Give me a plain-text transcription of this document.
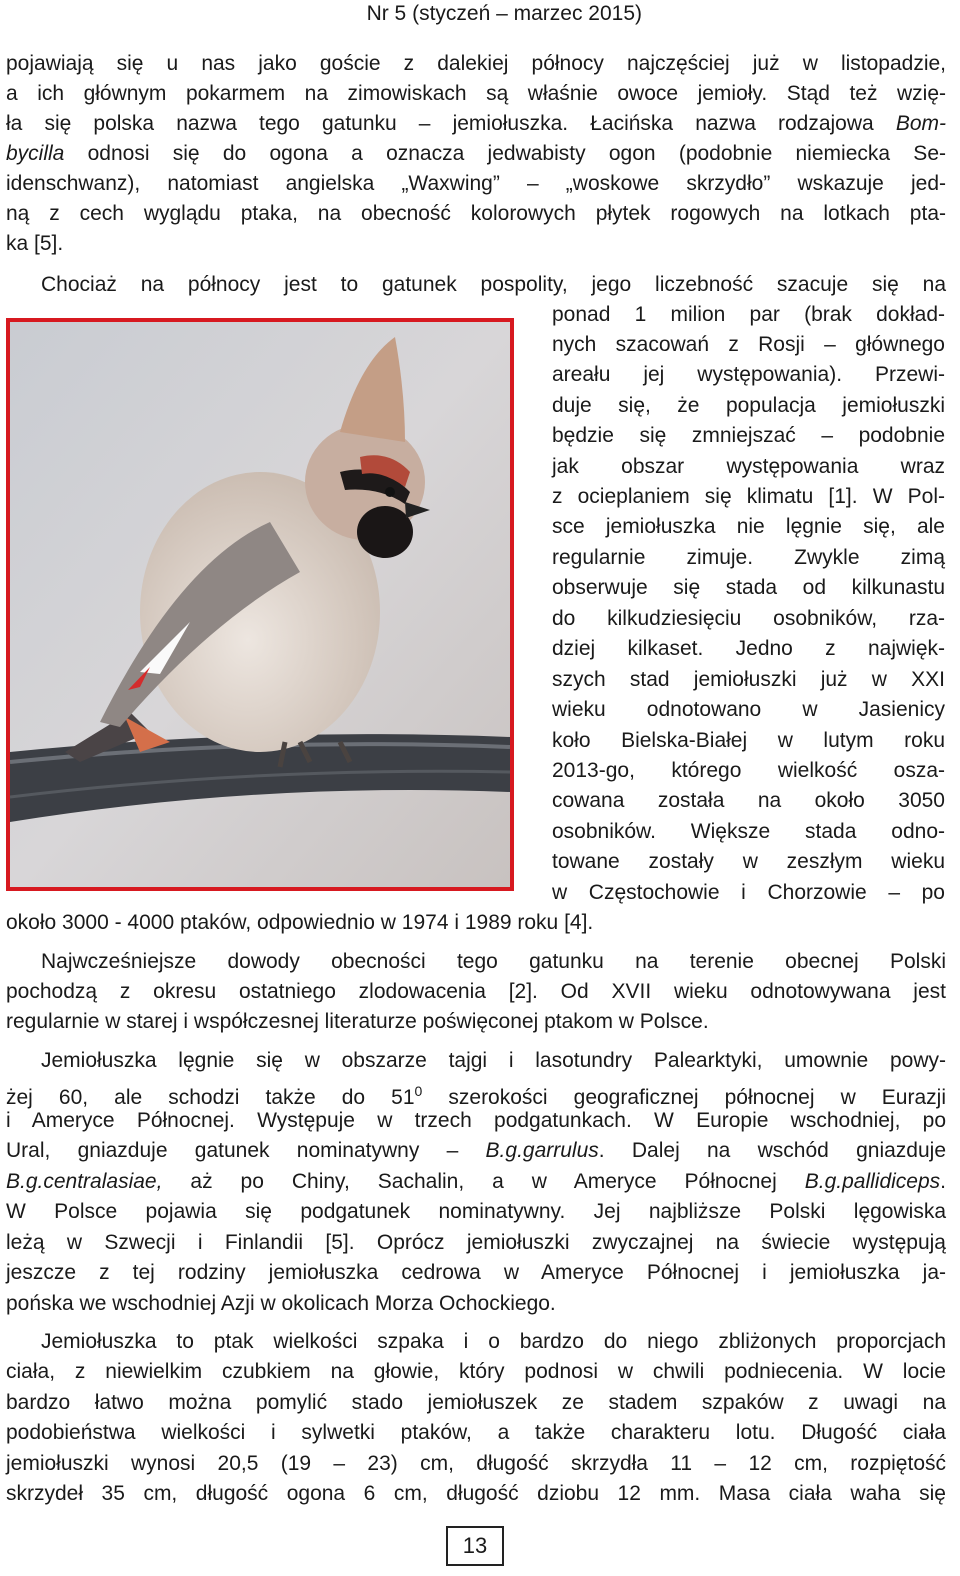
Nr 5 (styczeń – marzec 2015)
pojawiają się u nas jako goście z dalekiej północy najczęściej już w listopadzie,
a ich głównym pokarmem na zimowiskach są właśnie owoce jemioły. Stąd też wzię-
ła się polska nazwa tego gatunku – jemiołuszka. Łacińska nazwa rodzajowa Bom-
bycilla odnosi się do ogona a oznacza jedwabisty ogon (podobnie niemiecka Se-
idenschwanz), natomiast angielska „Waxwing” – „woskowe skrzydło” wskazuje jed-
ną z cech wyglądu ptaka, na obecność kolorowych płytek rogowych na lotkach pta-
ka [5].
Chociaż na północy jest to gatunek pospolity, jego liczebność szacuje się na
ponad 1 milion par (brak dokład-
nych szacowań z Rosji – głównego
areału jej występowania). Przewi-
duje się, że populacja jemiołuszki
będzie się zmniejszać – podobnie
jak obszar występowania wraz
z ocieplaniem się klimatu [1]. W Pol-
sce jemiołuszka nie lęgnie się, ale
regularnie zimuje. Zwykle zimą
obserwuje się stada od kilkunastu
do kilkudziesięciu osobników, rza-
dziej kilkaset. Jedno z najwięk-
szych stad jemiołuszki już w XXI
wieku odnotowano w Jasienicy
koło Bielska-Białej w lutym roku
2013-go, którego wielkość osza-
cowana została na około 3050
osobników. Większe stada odno-
towane zostały w zeszłym wieku
w Częstochowie i Chorzowie – po
około 3000 - 4000 ptaków, odpowiednio w 1974 i 1989 roku [4].
Najwcześniejsze dowody obecności tego gatunku na terenie obecnej Polski
pochodzą z okresu ostatniego zlodowacenia [2]. Od XVII wieku odnotowywana jest
regularnie w starej i współczesnej literaturze poświęconej ptakom w Polsce.
Jemiołuszka lęgnie się w obszarze tajgi i lasotundry Palearktyki, umownie powy-
żej 60, ale schodzi także do $51^0$ szerokości geograficznej północnej w Eurazji
i Ameryce Północnej. Występuje w trzech podgatunkach. W Europie wschodniej, po
Ural, gniazduje gatunek nominatywny – B.g.garrulus. Dalej na wschód gniazduje
B.g.centralasiae, aż po Chiny, Sachalin, a w Ameryce Północnej B.g.pallidiceps.
W Polsce pojawia się podgatunek nominatywny. Jej najbliższe Polski lęgowiska
leżą w Szwecji i Finlandii [5]. Oprócz jemiołuszki zwyczajnej na świecie występują
jeszcze z tej rodziny jemiołuszka cedrowa w Ameryce Północnej i jemiołuszka ja-
pońska we wschodniej Azji w okolicach Morza Ochockiego.
Jemiołuszka to ptak wielkości szpaka i o bardzo do niego zbliżonych proporcjach
ciała, z niewielkim czubkiem na głowie, który podnosi w chwili podniecenia. W locie
bardzo łatwo można pomylić stado jemiołuszek ze stadem szpaków z uwagi na
podobieństwa wielkości i sylwetki ptaków, a także charakteru lotu. Długość ciała
jemiołuszki wynosi 20,5 (19 – 23) cm, długość skrzydła 11 – 12 cm, rozpiętość
skrzydeł 35 cm, długość ogona 6 cm, długość dziobu 12 mm. Masa ciała waha się
13
